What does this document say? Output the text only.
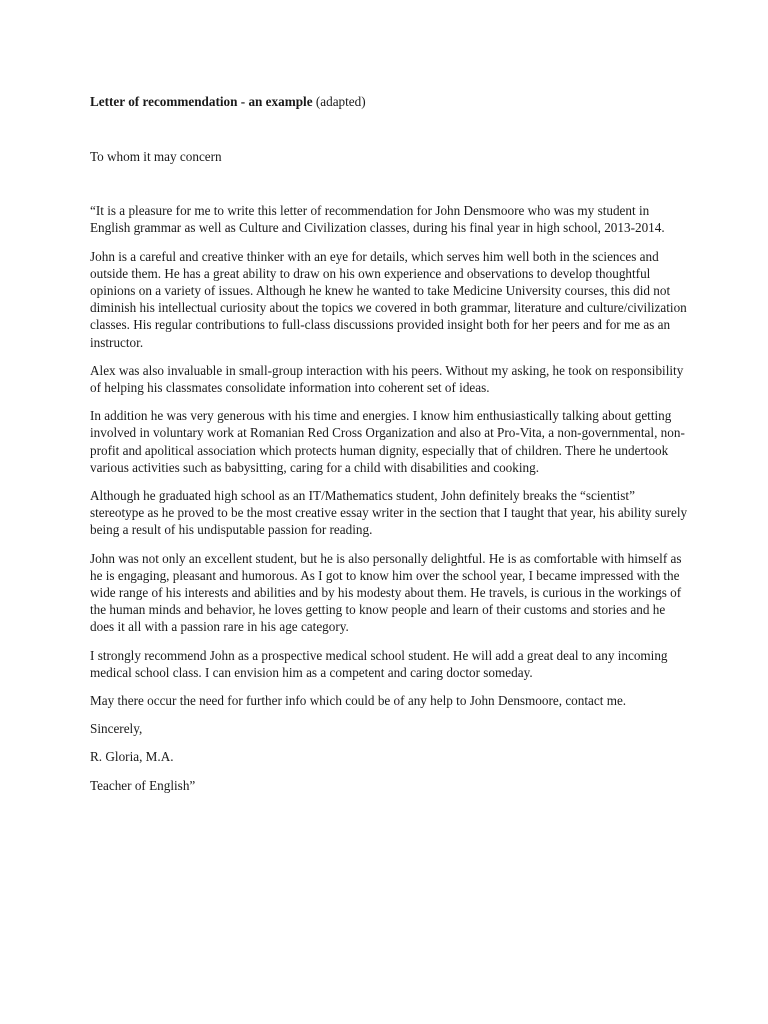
Letter of recommendation - an example (adapted)

To whom it may concern

“It is a pleasure for me to write this letter of recommendation for John Densmoore who was my student in English grammar as well as Culture and Civilization classes, during his final year in high school, 2013-2014.

John is a careful and creative thinker with an eye for details, which serves him well both in the sciences and outside them. He has a great ability to draw on his own experience and observations to develop thoughtful opinions on a variety of issues. Although he knew he wanted to take Medicine University courses, this did not diminish his intellectual curiosity about the topics we covered in both grammar, literature and culture/civilization classes. His regular contributions to full-class discussions provided insight both for her peers and for me as an instructor.

Alex was also invaluable in small-group interaction with his peers. Without my asking, he took on responsibility of helping his classmates consolidate information into coherent set of ideas.

In addition he was very generous with his time and energies. I know him enthusiastically talking about getting involved in voluntary work at Romanian Red Cross Organization and also at Pro-Vita, a non-governmental, non-profit and apolitical association which protects human dignity, especially that of children. There he undertook various activities such as babysitting, caring for a child with disabilities and cooking.

Although he graduated high school as an IT/Mathematics student, John definitely breaks the “scientist” stereotype as he proved to be the most creative essay writer in the section that I taught that year, his ability surely being a result of his undisputable passion for reading.

John was not only an excellent student, but he is also personally delightful. He is as comfortable with himself as he is engaging, pleasant and humorous. As I got to know him over the school year, I became impressed with the wide range of his interests and abilities and by his modesty about them. He travels, is curious in the workings of the human minds and behavior, he loves getting to know people and learn of their customs and stories and he does it all with a passion rare in his age category.

I strongly recommend John as a prospective medical school student. He will add a great deal to any incoming medical school class. I can envision him as a competent and caring doctor someday.

May there occur the need for further info which could be of any help to John Densmoore, contact me.

Sincerely,

R. Gloria, M.A.

Teacher of English”
